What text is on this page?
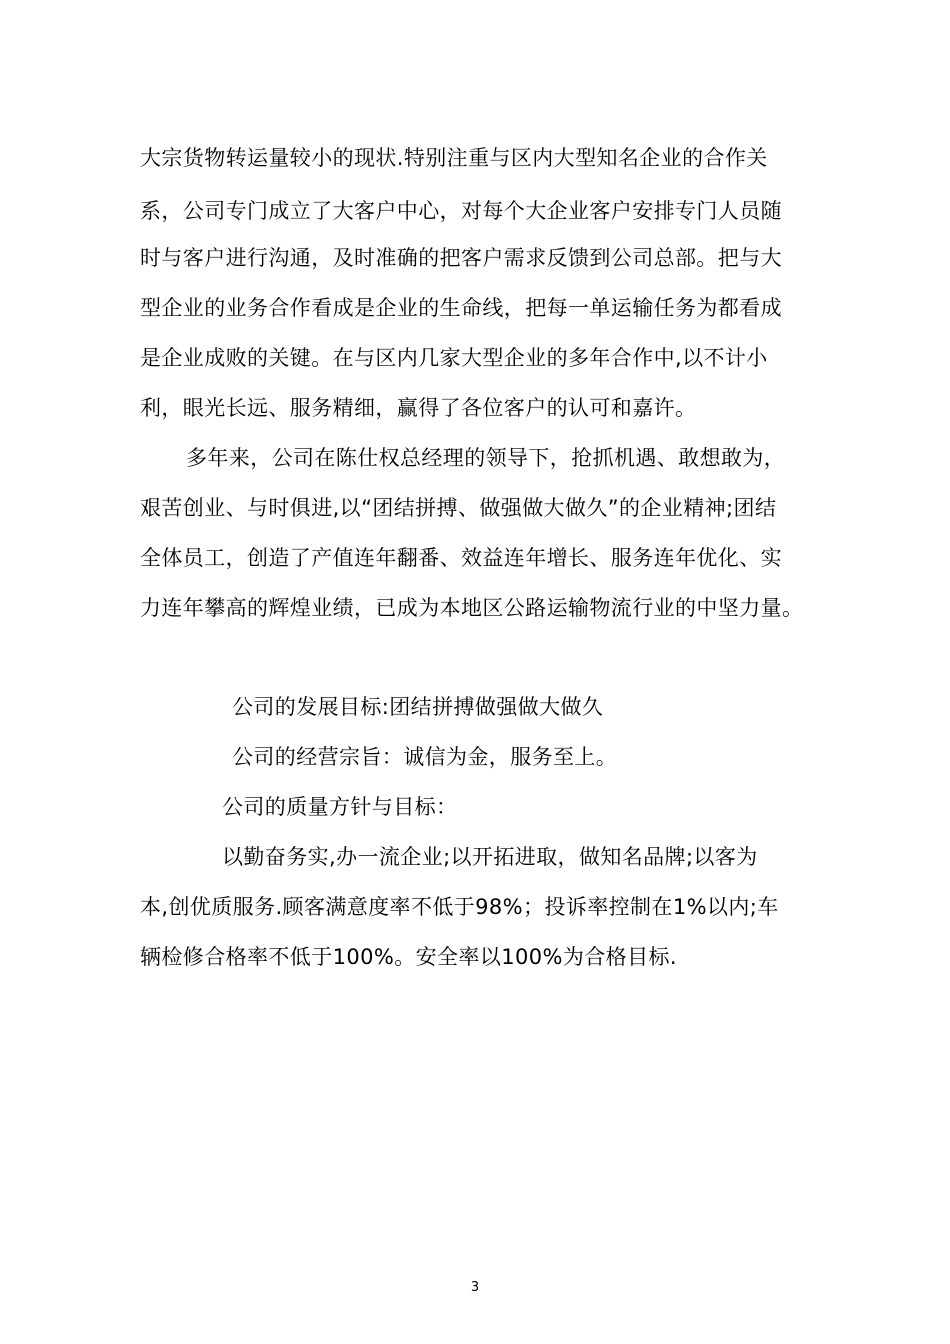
大宗货物转运量较小的现状.特别注重与区内大型知名企业的合作关
系，公司专门成立了大客户中心，对每个大企业客户安排专门人员随
时与客户进行沟通，及时准确的把客户需求反馈到公司总部。把与大
型企业的业务合作看成是企业的生命线，把每一单运输任务为都看成
是企业成败的关键。在与区内几家大型企业的多年合作中,以不计小
利，眼光长远、服务精细，赢得了各位客户的认可和嘉许。
多年来，公司在陈仕权总经理的领导下，抢抓机遇、敢想敢为，
艰苦创业、与时俱进,以“团结拼搏、做强做大做久”的企业精神;团结
全体员工，创造了产值连年翻番、效益连年增长、服务连年优化、实
力连年攀高的辉煌业绩，已成为本地区公路运输物流行业的中坚力量。
公司的发展目标:团结拼搏做强做大做久
公司的经营宗旨：诚信为金，服务至上。
公司的质量方针与目标：
以勤奋务实,办一流企业;以开拓进取，做知名品牌;以客为
本,创优质服务.顾客满意度率不低于98%；投诉率控制在1%以内;车
辆检修合格率不低于100%。安全率以100%为合格目标.
3
